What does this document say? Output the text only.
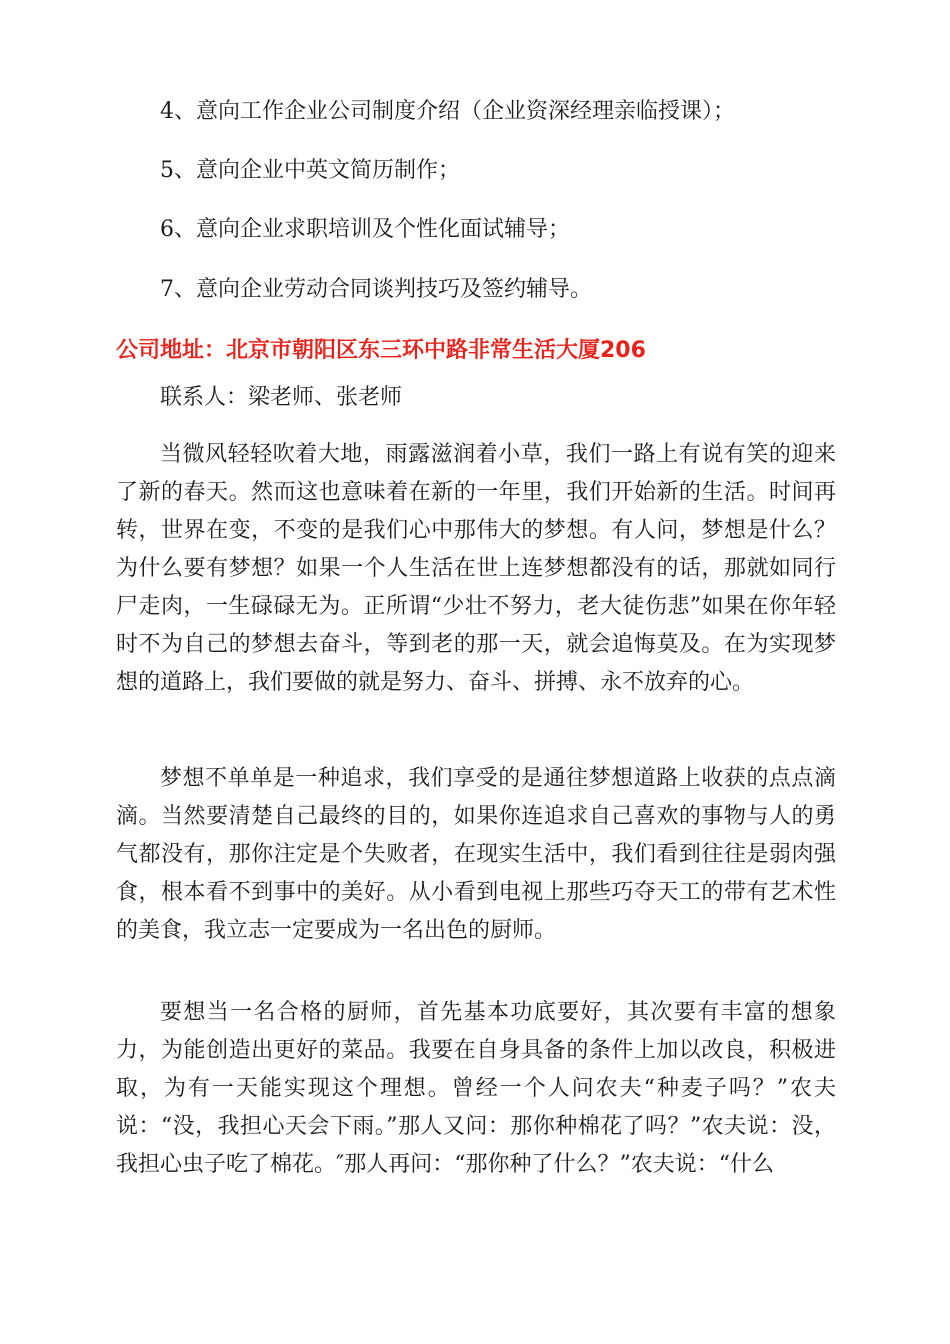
4、意向工作企业公司制度介绍（企业资深经理亲临授课）；
5、意向企业中英文简历制作；
6、意向企业求职培训及个性化面试辅导；
7、意向企业劳动合同谈判技巧及签约辅导。
公司地址：北京市朝阳区东三环中路非常生活大厦206
联系人：梁老师、张老师

当微风轻轻吹着大地，雨露滋润着小草，我们一路上有说有笑的迎来了新的春天。然而这也意味着在新的一年里，我们开始新的生活。时间再转，世界在变，不变的是我们心中那伟大的梦想。有人问，梦想是什么？为什么要有梦想？如果一个人生活在世上连梦想都没有的话，那就如同行尸走肉，一生碌碌无为。正所谓“少壮不努力，老大徒伤悲”如果在你年轻时不为自己的梦想去奋斗，等到老的那一天，就会追悔莫及。在为实现梦想的道路上，我们要做的就是努力、奋斗、拼搏、永不放弃的心。

梦想不单单是一种追求，我们享受的是通往梦想道路上收获的点点滴滴。当然要清楚自己最终的目的，如果你连追求自己喜欢的事物与人的勇气都没有，那你注定是个失败者，在现实生活中，我们看到往往是弱肉强食，根本看不到事中的美好。从小看到电视上那些巧夺天工的带有艺术性的美食，我立志一定要成为一名出色的厨师。

要想当一名合格的厨师，首先基本功底要好，其次要有丰富的想象力，为能创造出更好的菜品。我要在自身具备的条件上加以改良，积极进取，为有一天能实现这个理想。曾经一个人问农夫“种麦子吗？”农夫说：“没，我担心天会下雨。”那人又问：那你种棉花了吗？”农夫说：没，我担心虫子吃了棉花。″那人再问：“那你种了什么？”农夫说：“什么
